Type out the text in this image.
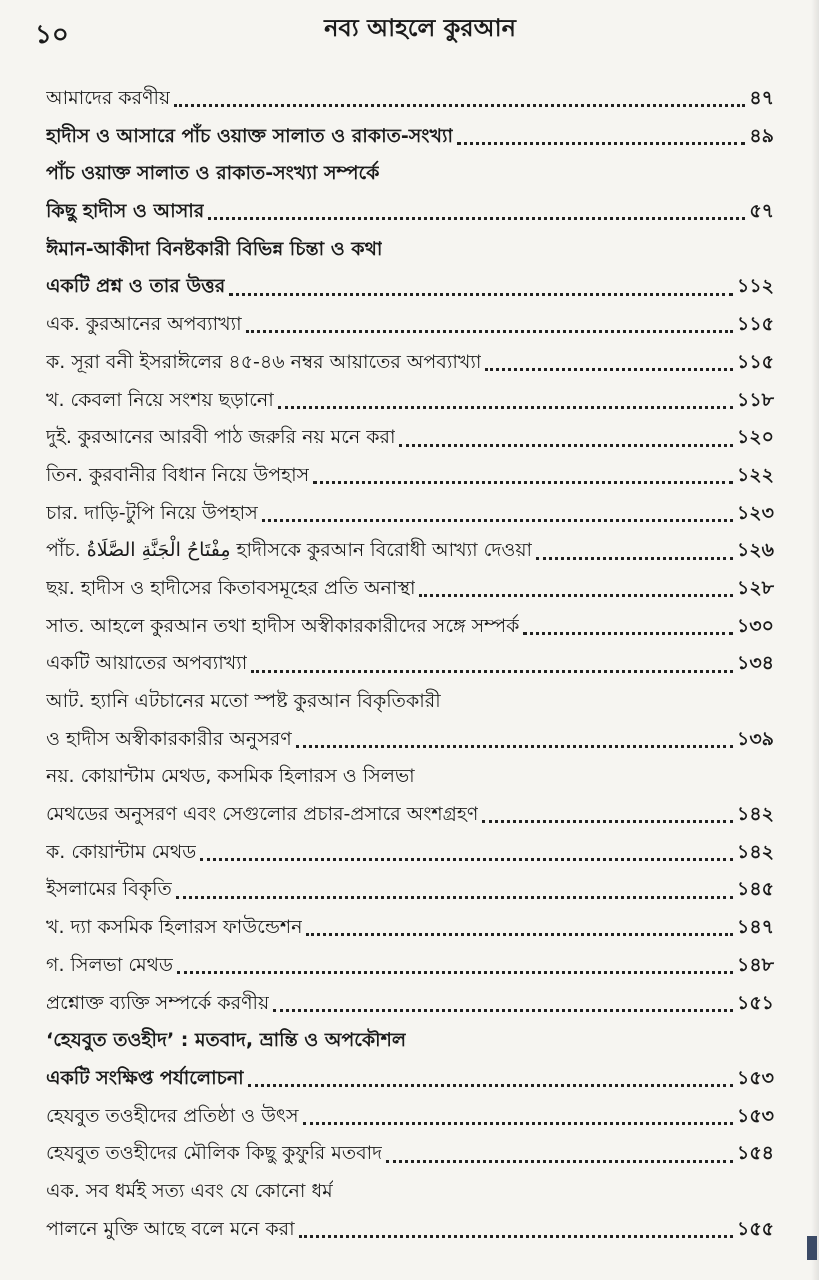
১০	নব্য আহলে কুরআন
আমাদের করণীয়	৪৭
হাদীস ও আসারে পাঁচ ওয়াক্ত সালাত ও রাকাত-সংখ্যা	৪৯
পাঁচ ওয়াক্ত সালাত ও রাকাত-সংখ্যা সম্পর্কে
কিছু হাদীস ও আসার	৫৭
ঈমান-আকীদা বিনষ্টকারী বিভিন্ন চিন্তা ও কথা
একটি প্রশ্ন ও তার উত্তর	১১২
এক. কুরআনের অপব্যাখ্যা	১১৫
ক. সূরা বনী ইসরাঈলের ৪৫-৪৬ নম্বর আয়াতের অপব্যাখ্যা	১১৫
খ. কেবলা নিয়ে সংশয় ছড়ানো	১১৮
দুই. কুরআনের আরবী পাঠ জরুরি নয় মনে করা	১২০
তিন. কুরবানীর বিধান নিয়ে উপহাস	১২২
চার. দাড়ি-টুপি নিয়ে উপহাস	১২৩
পাঁচ. مِفْتَاحُ الْجَنَّةِ الصَّلَاةُ হাদীসকে কুরআন বিরোধী আখ্যা দেওয়া	১২৬
ছয়. হাদীস ও হাদীসের কিতাবসমূহের প্রতি অনাস্থা	১২৮
সাত. আহলে কুরআন তথা হাদীস অস্বীকারকারীদের সঙ্গে সম্পর্ক	১৩০
একটি আয়াতের অপব্যাখ্যা	১৩৪
আট. হ্যানি এটচানের মতো স্পষ্ট কুরআন বিকৃতিকারী
ও হাদীস অস্বীকারকারীর অনুসরণ	১৩৯
নয়. কোয়ান্টাম মেথড, কসমিক হিলারস ও সিলভা
মেথডের অনুসরণ এবং সেগুলোর প্রচার-প্রসারে অংশগ্রহণ	১৪২
ক. কোয়ান্টাম মেথড	১৪২
ইসলামের বিকৃতি	১৪৫
খ. দ্যা কসমিক হিলারস ফাউন্ডেশন	১৪৭
গ. সিলভা মেথড	১৪৮
প্রশ্নোক্ত ব্যক্তি সম্পর্কে করণীয়	১৫১
‘হেযবুত তওহীদ’ : মতবাদ, ভ্রান্তি ও অপকৌশল
একটি সংক্ষিপ্ত পর্যালোচনা	১৫৩
হেযবুত তওহীদের প্রতিষ্ঠা ও উৎস	১৫৩
হেযবুত তওহীদের মৌলিক কিছু কুফুরি মতবাদ	১৫৪
এক. সব ধর্মই সত্য এবং যে কোনো ধর্ম
পালনে মুক্তি আছে বলে মনে করা	১৫৫
